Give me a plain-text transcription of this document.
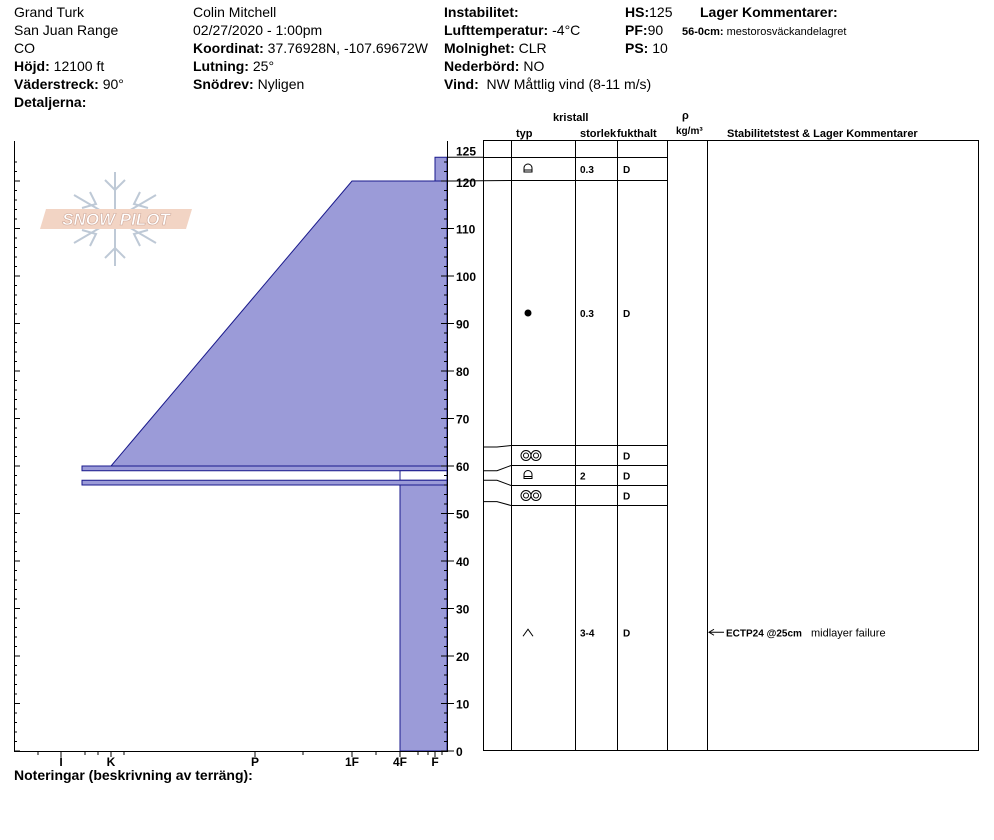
Grand Turk
San Juan Range
CO
Höjd: 12100 ft
Väderstreck: 90°
Detaljerna:
Colin Mitchell
02/27/2020 - 1:00pm
Koordinat: 37.76928N, -107.69672W
Lutning: 25°
Snödrev: Nyligen
Instabilitet:
Lufttemperatur: -4°C
Molnighet: CLR
Nederbörd: NO
Vind: NW Måttlig vind (8-11 m/s)
HS:125
PF:90
PS: 10
Lager Kommentarer:
56-0cm: mestorosväckandelagret
kristall
typ	storlek fukthalt
ρ
kg/m³ Stabilitetstest & Lager Kommentarer
Noteringar (beskrivning av terräng):
SNOW PILOT
I	K	P	1F	4F F
0
10
20
30
40
50
60
70
80
90
100
110
120
125
0.3	D
0.3	D
D
2	D
D
3-4	D	ECTP24 @25cm midlayer failure
